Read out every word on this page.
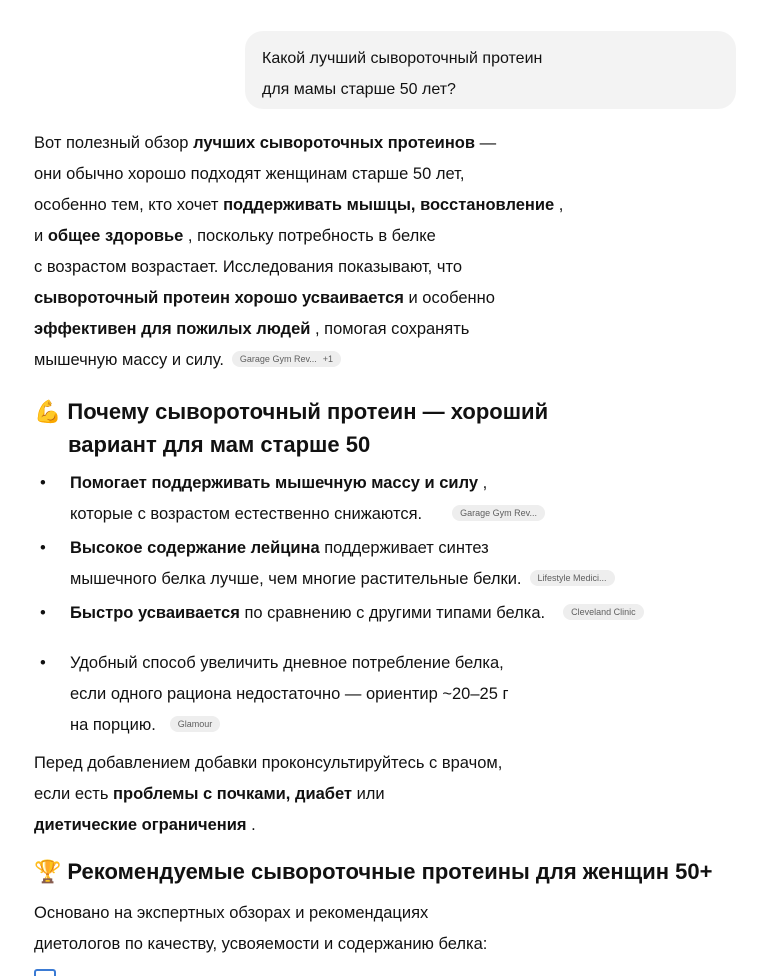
Какой лучший сывороточный протеин
для мамы старше 50 лет?
Вот полезный обзор лучших сывороточных протеинов —
они обычно хорошо подходят женщинам старше 50 лет,
особенно тем, кто хочет поддерживать мышцы, восстановление ,
и общее здоровье , поскольку потребность в белке
с возрастом возрастает. Исследования показывают, что
сывороточный протеин хорошо усваивается и особенно
эффективен для пожилых людей , помогая сохранять
мышечную массу и силу. Garage Gym Rev... +1
💪 Почему сывороточный протеин — хороший
вариант для мам старше 50
• Помогает поддерживать мышечную массу и силу ,
которые с возрастом естественно снижаются.	Garage Gym Rev...
• Высокое содержание лейцина поддерживает синтез
мышечного белка лучше, чем многие растительные белки. Lifestyle Medici...
• Быстро усваивается по сравнению с другими типами белка.	Cleveland Clinic
• Удобный способ увеличить дневное потребление белка,
если одного рациона недостаточно — ориентир ~20–25 г
на порцию. Glamour
Перед добавлением добавки проконсультируйтесь с врачом,
если есть проблемы с почками, диабет или
диетические ограничения .
🏆 Рекомендуемые сывороточные протеины для женщин 50+
Основано на экспертных обзорах и рекомендациях
диетологов по качеству, усвояемости и содержанию белка:
